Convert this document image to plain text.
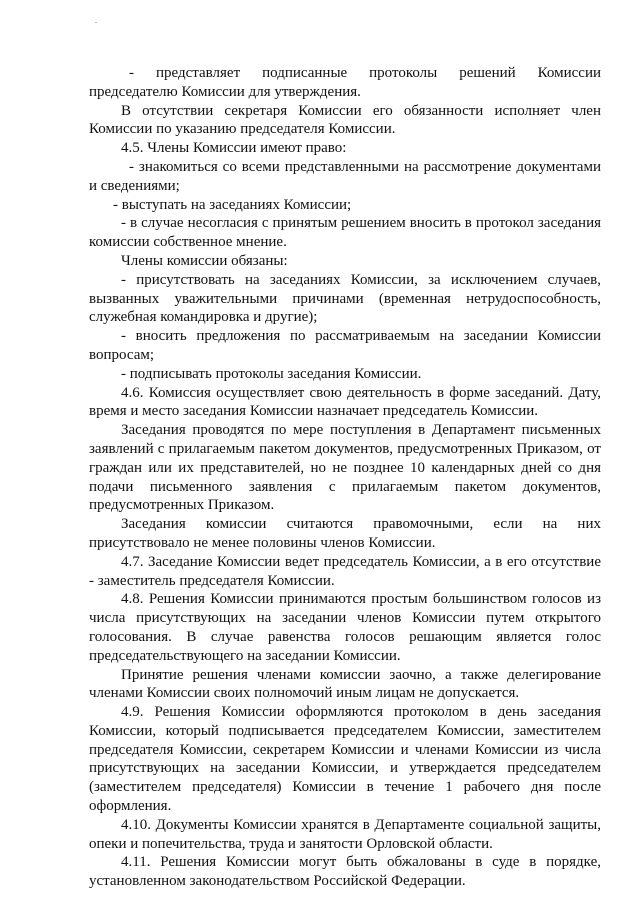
- представляет подписанные протоколы решений Комиссии председателю Комиссии для утверждения.

В отсутствии секретаря Комиссии его обязанности исполняет член Комиссии по указанию председателя Комиссии.

4.5. Члены Комиссии имеют право:

- знакомиться со всеми представленными на рассмотрение документами и сведениями;

- выступать на заседаниях Комиссии;

- в случае несогласия с принятым решением вносить в протокол заседания комиссии собственное мнение.

Члены комиссии обязаны:

- присутствовать на заседаниях Комиссии, за исключением случаев, вызванных уважительными причинами (временная нетрудоспособность, служебная командировка и другие);

- вносить предложения по рассматриваемым на заседании Комиссии вопросам;

- подписывать протоколы заседания Комиссии.

4.6. Комиссия осуществляет свою деятельность в форме заседаний. Дату, время и место заседания Комиссии назначает председатель Комиссии.

Заседания проводятся по мере поступления в Департамент письменных заявлений с прилагаемым пакетом документов, предусмотренных Приказом, от граждан или их представителей, но не позднее 10 календарных дней со дня подачи письменного заявления с прилагаемым пакетом документов, предусмотренных Приказом.

Заседания комиссии считаются правомочными, если на них присутствовало не менее половины членов Комиссии.

4.7. Заседание Комиссии ведет председатель Комиссии, а в его отсутствие - заместитель председателя Комиссии.

4.8. Решения Комиссии принимаются простым большинством голосов из числа присутствующих на заседании членов Комиссии путем открытого голосования. В случае равенства голосов решающим является голос председательствующего на заседании Комиссии.

Принятие решения членами комиссии заочно, а также делегирование членами Комиссии своих полномочий иным лицам не допускается.

4.9. Решения Комиссии оформляются протоколом в день заседания Комиссии, который подписывается председателем Комиссии, заместителем председателя Комиссии, секретарем Комиссии и членами Комиссии из числа присутствующих на заседании Комиссии, и утверждается председателем (заместителем председателя) Комиссии в течение 1 рабочего дня после оформления.

4.10. Документы Комиссии хранятся в Департаменте социальной защиты, опеки и попечительства, труда и занятости Орловской области.

4.11. Решения Комиссии могут быть обжалованы в суде в порядке, установленном законодательством Российской Федерации.
